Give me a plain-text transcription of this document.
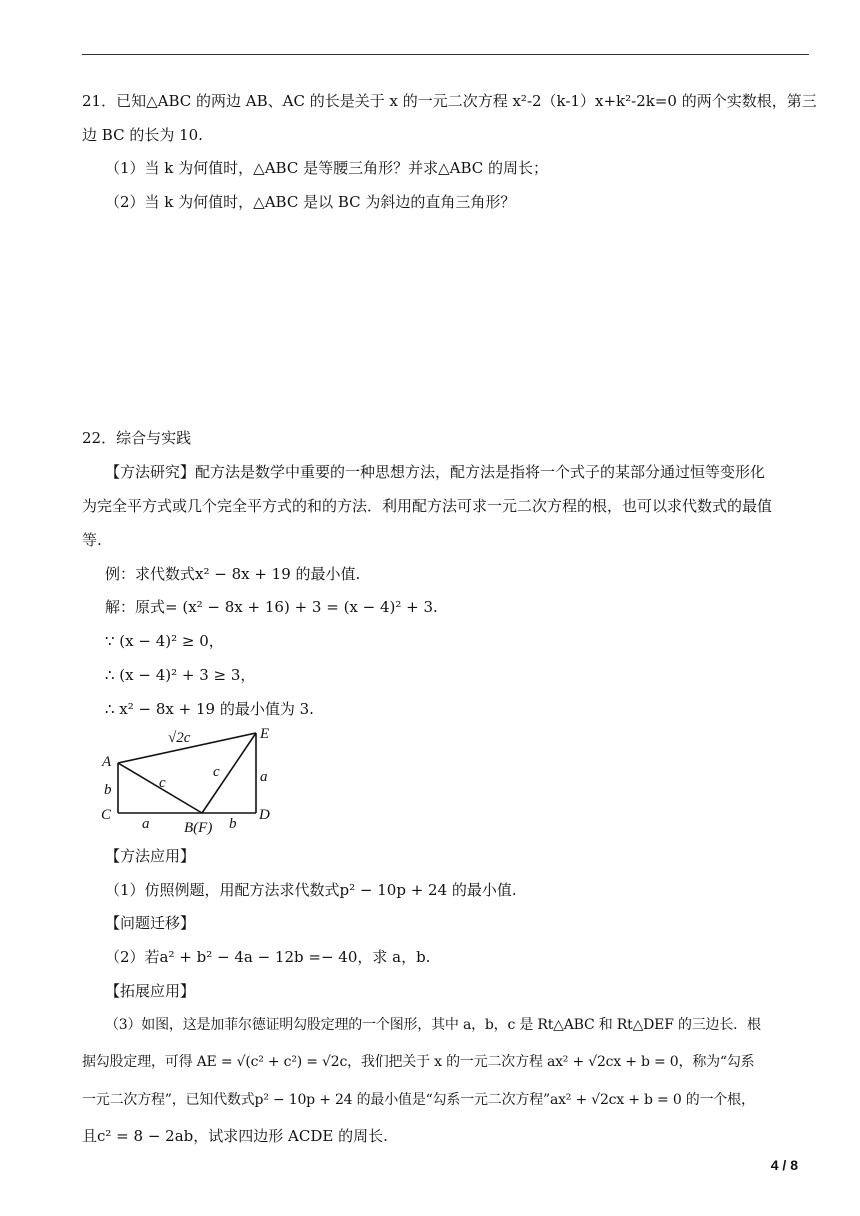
21．已知△ABC 的两边 AB、AC 的长是关于 x 的一元二次方程 x²-2（k-1）x+k²-2k=0 的两个实数根，第三
边 BC 的长为 10.
（1）当 k 为何值时，△ABC 是等腰三角形？并求△ABC 的周长；
（2）当 k 为何值时，△ABC 是以 BC 为斜边的直角三角形？
22．综合与实践
【方法研究】配方法是数学中重要的一种思想方法，配方法是指将一个式子的某部分通过恒等变形化
为完全平方式或几个完全平方式的和的方法．利用配方法可求一元二次方程的根，也可以求代数式的最值
等.
例：求代数式x² − 8x + 19 的最小值.
解：原式= (x² − 8x + 16) + 3 = (x − 4)² + 3.
∵ (x − 4)² ≥ 0，
∴ (x − 4)² + 3 ≥ 3，
∴ x² − 8x + 19 的最小值为 3.
√2c
A
E
C	D
B(F)
b
a
a	b
c
c
【方法应用】
（1）仿照例题，用配方法求代数式p² − 10p + 24 的最小值.
【问题迁移】
（2）若a² + b² − 4a − 12b =− 40，求 a，b.
【拓展应用】
（3）如图，这是加菲尔德证明勾股定理的一个图形，其中 a，b，c 是 Rt△ABC 和 Rt△DEF 的三边长．根
据勾股定理，可得 AE = √(c² + c²) = √2c，我们把关于 x 的一元二次方程 ax² + √2cx + b = 0，称为“勾系
一元二次方程”，已知代数式p² − 10p + 24 的最小值是“勾系一元二次方程”ax² + √2cx + b = 0 的一个根，
且c² = 8 − 2ab，试求四边形 ACDE 的周长.
4 / 8
